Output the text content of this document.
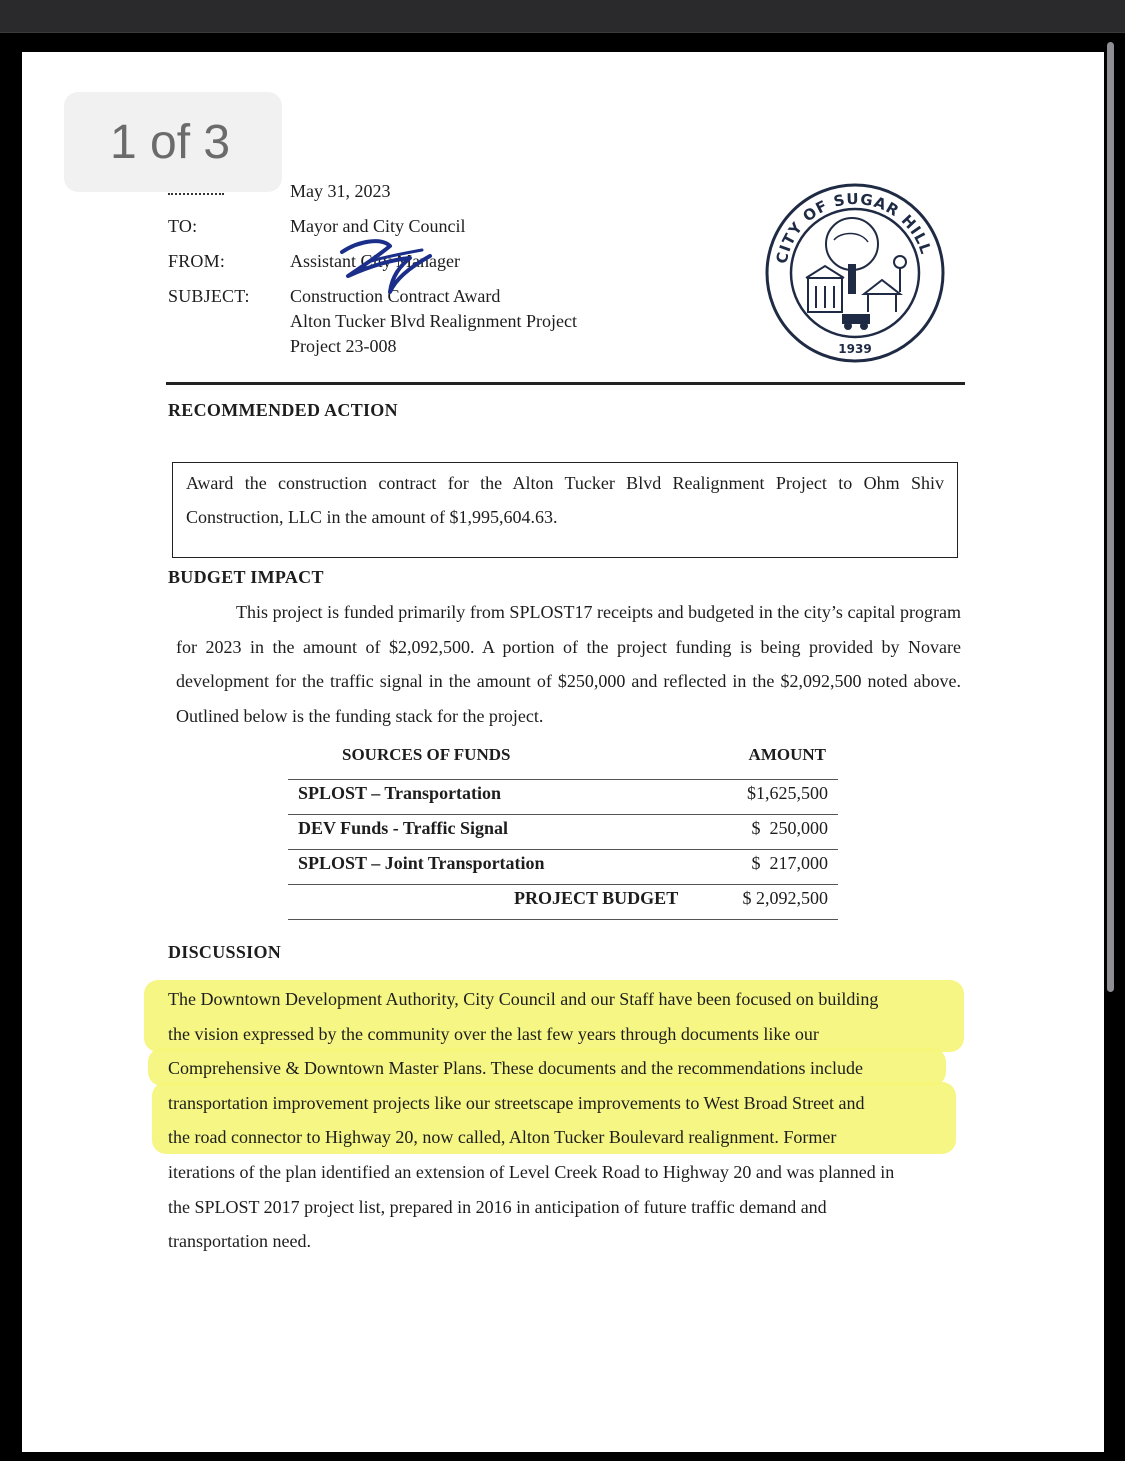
1 of 3
May 31, 2023
TO:	Mayor and City Council
FROM:	Assistant City Manager
SUBJECT: Construction Contract Award
Alton Tucker Blvd Realignment Project
Project 23-008
CITY OF SUGAR HILL
1939
RECOMMENDED ACTION
Award the construction contract for the Alton Tucker Blvd Realignment Project to Ohm Shiv Construction, LLC in the amount of $1,995,604.63.
BUDGET IMPACT
This project is funded primarily from SPLOST17 receipts and budgeted in the city’s capital program for 2023 in the amount of $2,092,500. A portion of the project funding is being provided by Novare development for the traffic signal in the amount of $250,000 and reflected in the $2,092,500 noted above. Outlined below is the funding stack for the project.
SOURCES OF FUNDS	AMOUNT
SPLOST – Transportation	$1,625,500
DEV Funds - Traffic Signal	$  250,000
SPLOST – Joint Transportation	$  217,000
PROJECT BUDGET	$ 2,092,500
DISCUSSION
The Downtown Development Authority, City Council and our Staff have been focused on building
the vision expressed by the community over the last few years through documents like our
Comprehensive & Downtown Master Plans. These documents and the recommendations include
transportation improvement projects like our streetscape improvements to West Broad Street and
the road connector to Highway 20, now called, Alton Tucker Boulevard realignment. Former
iterations of the plan identified an extension of Level Creek Road to Highway 20 and was planned in
the SPLOST 2017 project list, prepared in 2016 in anticipation of future traffic demand and
transportation need.
